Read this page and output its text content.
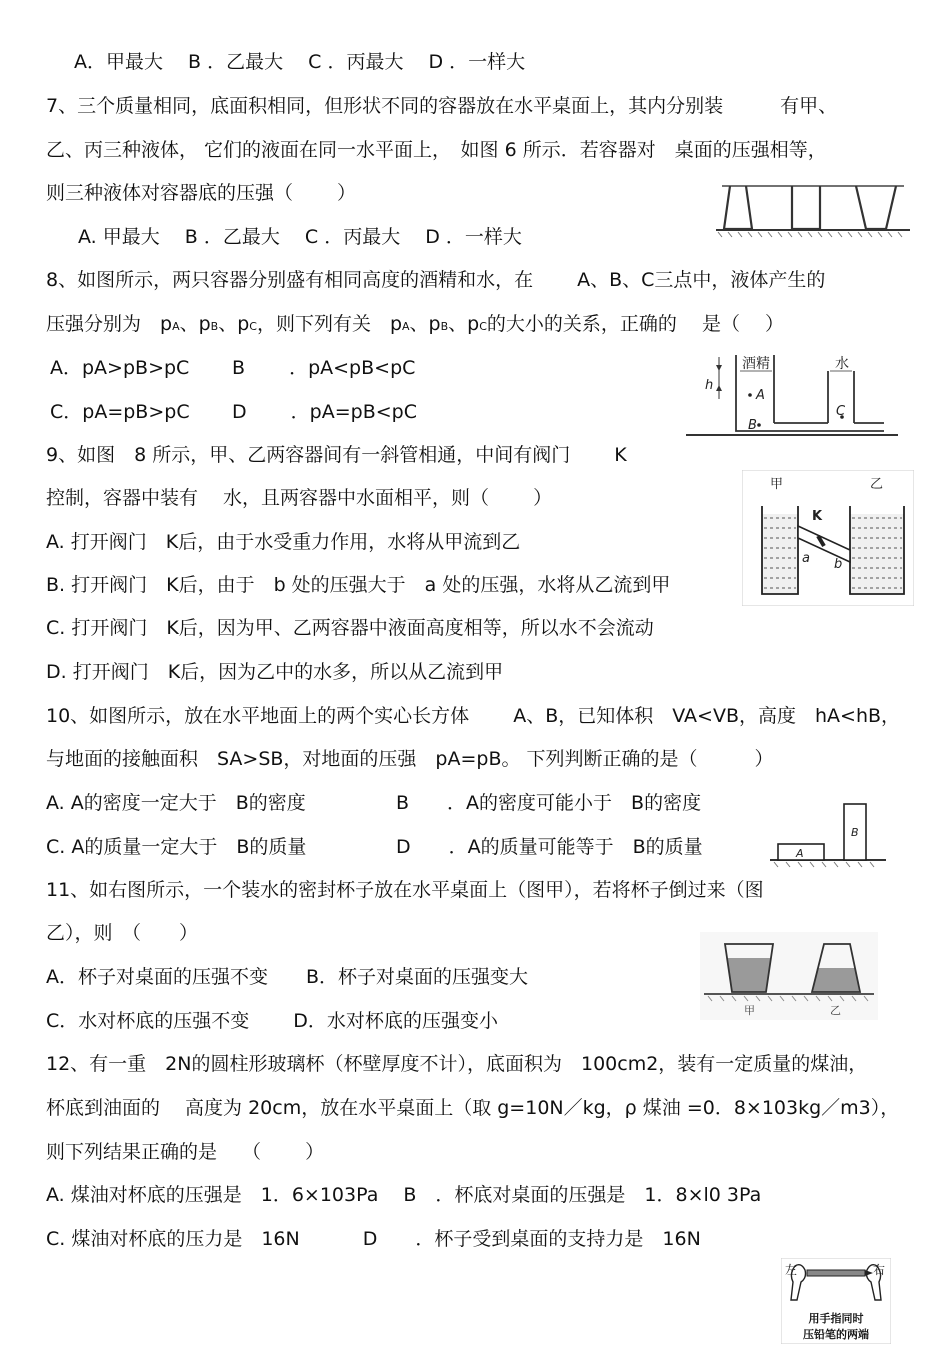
A．甲最大　 B ．乙最大　 C ．丙最大　 D ．一样大
7、三个质量相同，底面积相同，但形状不同的容器放在水平桌面上，其内分别装　　　有甲、
乙、丙三种液体， 它们的液面在同一水平面上，　如图 6 所示．若容器对　桌面的压强相等，
则三种液体对容器底的压强（　　 ）
A. 甲最大　 B ．乙最大　 C ．丙最大　 D ．一样大
8、如图所示，两只容器分别盛有相同高度的酒精和水，在　　 A、B、C三点中，液体产生的
压强分别为　pA、pB、pC，则下列有关　pA、pB、pC的大小的关系，正确的　 是（　 ）
A．pA>pB>pC B　　 ．pA<pB<pC
C．pA=pB>pC D　　 ．pA=pB<pC
酒精	水
h
A
B
C
9、如图　8 所示，甲、乙两容器间有一斜管相通，中间有阀门　　 K
控制，容器中装有　 水，且两容器中水面相平，则（　　 ）
A. 打开阀门　K后，由于水受重力作用，水将从甲流到乙
B. 打开阀门　K后，由于　b 处的压强大于　a 处的压强，水将从乙流到甲
C. 打开阀门　K后，因为甲、乙两容器中液面高度相等，所以水不会流动
D. 打开阀门　K后，因为乙中的水多，所以从乙流到甲
甲	乙
K
a b
10、如图所示，放在水平地面上的两个实心长方体　　 A、B，已知体积　VA<VB，高度　hA<hB，
与地面的接触面积　SA>SB，对地面的压强　pA=pB。 下列判断正确的是（　　　）
A. A的密度一定大于　B的密度	B　　．A的密度可能小于　B的密度
C. A的质量一定大于　B的质量	D　　．A的质量可能等于　B的质量	A
B
11、如右图所示，一个装水的密封杯子放在水平桌面上（图甲），若将杯子倒过来（图
乙），则　（　　）
A．杯子对桌面的压强不变　　B．杯子对桌面的压强变大
C．水对杯底的压强不变　　 D．水对杯底的压强变小	甲	乙
12、有一重　2N的圆柱形玻璃杯（杯壁厚度不计），底面积为　100cm2，装有一定质量的煤油，
杯底到油面的　 高度为 20cm，放在水平桌面上（取 g=10N／kg，ρ 煤油 =0．8×103kg／m3），
则下列结果正确的是　 （　　 ）
A. 煤油对杯底的压强是　1．6×103Pa　 B　．杯底对桌面的压强是　1．8×l0 3Pa
C. 煤油对杯底的压力是　16N　　　 D　　．杯子受到桌面的支持力是　16N
左	右
用手指同时
压铅笔的两端
